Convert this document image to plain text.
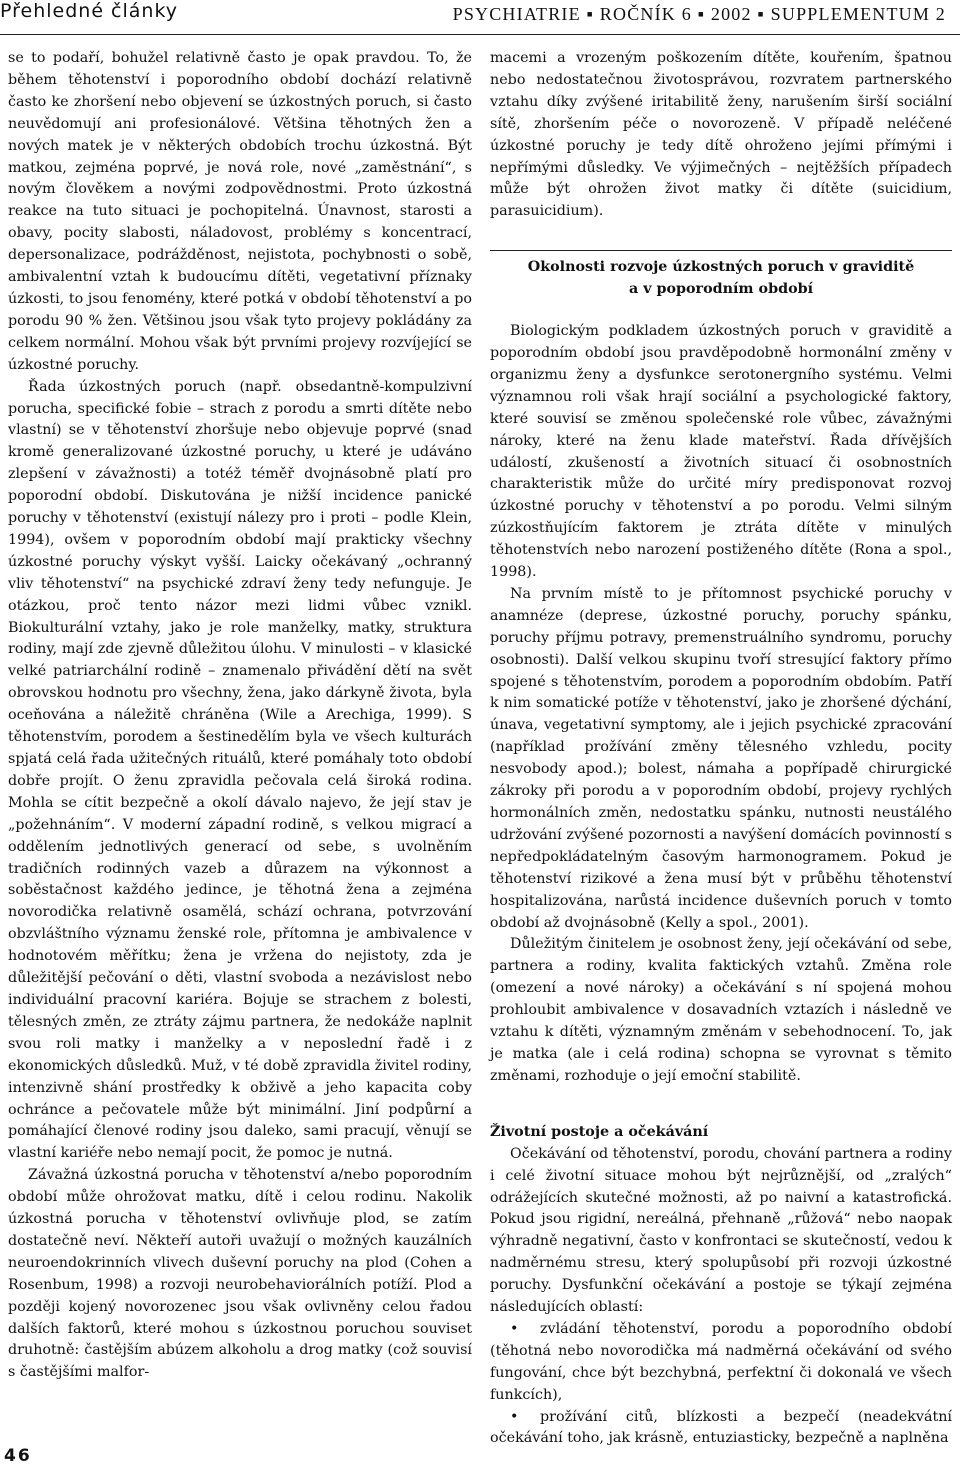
Přehledné články	PSYCHIATRIE ▪ ROČNÍK 6 ▪ 2002 ▪ SUPPLEMENTUM 2

se to podaří, bohužel relativně často je opak pravdou. To, že během těhotenství i poporodního období dochází relativně často ke zhoršení nebo objevení se úzkostných poruch, si často neuvědomují ani profesionálové. Většina těhotných žen a nových matek je v některých obdobích trochu úzkostná. Být matkou, zejména poprvé, je nová role, nové „zaměstnání“, s novým člověkem a novými zodpovědnostmi. Proto úzkostná reakce na tuto situaci je pochopitelná. Únavnost, starosti a obavy, pocity slabosti, náladovost, problémy s koncentrací, depersonalizace, podrážděnost, nejistota, pochybnosti o sobě, ambivalentní vztah k budoucímu dítěti, vegetativní příznaky úzkosti, to jsou fenomény, které potká v období těhotenství a po porodu 90 % žen. Většinou jsou však tyto projevy pokládány za celkem normální. Mohou však být prvními projevy rozvíjející se úzkostné poruchy.

Řada úzkostných poruch (např. obsedantně-kompulzivní porucha, specifické fobie – strach z porodu a smrti dítěte nebo vlastní) se v těhotenství zhoršuje nebo objevuje poprvé (snad kromě generalizované úzkostné poruchy, u které je udáváno zlepšení v závažnosti) a totéž téměř dvojnásobně platí pro poporodní období. Diskutována je nižší incidence panické poruchy v těhotenství (existují nálezy pro i proti – podle Klein, 1994), ovšem v poporodním období mají prakticky všechny úzkostné poruchy výskyt vyšší. Laicky očekávaný „ochranný vliv těhotenství“ na psychické zdraví ženy tedy nefunguje. Je otázkou, proč tento názor mezi lidmi vůbec vznikl. Biokulturální vztahy, jako je role manželky, matky, struktura rodiny, mají zde zjevně důležitou úlohu. V minulosti – v klasické velké patriarchální rodině – znamenalo přivádění dětí na svět obrovskou hodnotu pro všechny, ženа, jako dárkyně života, byla oceňována a náležitě chráněna (Wile a Arechiga, 1999). S těhotenstvím, porodem a šestinedělím byla ve všech kulturách spjatá celá řada užitečných rituálů, které pomáhaly toto období dobře projít. O ženu zpravidla pečovala celá široká rodina. Mohla se cítit bezpečně a okolí dávalo najevo, že její stav je „požehnáním“. V moderní západní rodině, s velkou migrací a oddělením jednotlivých generací od sebe, s uvolněním tradičních rodinných vazeb a důrazem na výkonnost a soběstačnost každého jedince, je těhotná žena a zejména novorodička relativně osamělá, schází ochrana, potvrzování obzvláštního významu ženské role, přítomna je ambivalence v hodnotovém měřítku; žena je vržena do nejistoty, zda je důležitější pečování o děti, vlastní svoboda a nezávislost nebo individuální pracovní kariéra. Bojuje se strachem z bolesti, tělesných změn, ze ztráty zájmu partnera, že nedokáže naplnit svou roli matky i manželky a v neposlední řadě i z ekonomických důsledků. Muž, v té době zpravidla živitel rodiny, intenzivně shání prostředky k obživě a jeho kapacita coby ochránce a pečovatele může být minimální. Jiní podpůrní a pomáhající členové rodiny jsou daleko, sami pracují, věnují se vlastní kariéře nebo nemají pocit, že pomoc je nutná.

Závažná úzkostná porucha v těhotenství a/nebo poporodním období může ohrožovat matku, dítě i celou rodinu. Nakolik úzkostná porucha v těhotenství ovlivňuje plod, se zatím dostatečně neví. Někteří autoři uvažují o možných kauzálních neuroendokrinních vlivech duševní poruchy na plod (Cohen a Rosenbum, 1998) a rozvoji neurobehaviorálních potíží. Plod a později kojený novorozenec jsou však ovlivněny celou řadou dalších faktorů, které mohou s úzkostnou poruchou souviset druhotně: častějším abúzem alkoholu a drog matky (což souvisí s častějšími malfor-

macemi a vrozeným poškozením dítěte, kouřením, špatnou nebo nedostatečnou životosprávou, rozvratem partnerského vztahu díky zvýšené iritabilitě ženy, narušením širší sociální sítě, zhoršením péče o novorozeně. V případě neléčené úzkostné poruchy je tedy dítě ohroženo jejími přímými i nepřímými důsledky. Ve výjimečných – nejtěžších případech může být ohrožen život matky či dítěte (suicidium, parasuicidium).

Okolnosti rozvoje úzkostných poruch v graviditě
a v poporodním období

Biologickým podkladem úzkostných poruch v graviditě a poporodním období jsou pravděpodobně hormonální změny v organizmu ženy a dysfunkce serotonergního systému. Velmi významnou roli však hrají sociální a psychologické faktory, které souvisí se změnou společenské role vůbec, závažnými nároky, které na ženu klade mateřství. Řada dřívějších událostí, zkušeností a životních situací či osobnostních charakteristik může do určité míry predisponovat rozvoj úzkostné poruchy v těhotenství a po porodu. Velmi silným zúzkostňujícím faktorem je ztráta dítěte v minulých těhotenstvích nebo narození postiženého dítěte (Rona a spol., 1998).

Na prvním místě to je přítomnost psychické poruchy v anamnéze (deprese, úzkostné poruchy, poruchy spánku, poruchy příjmu potravy, premenstruálního syndromu, poruchy osobnosti). Další velkou skupinu tvoří stresující faktory přímo spojené s těhotenstvím, porodem a poporodním obdobím. Patří k nim somatické potíže v těhotenství, jako je zhoršené dýchání, únava, vegetativní symptomy, ale i jejich psychické zpracování (například prožívání změny tělesného vzhledu, pocity nesvobody apod.); bolest, námaha a popřípadě chirurgické zákroky při porodu a v poporodním období, projevy rychlých hormonálních změn, nedostatku spánku, nutnosti neustálého udržování zvýšené pozornosti a navýšení domácích povinností s nepředpokládatelným časovým harmonogramem. Pokud je těhotenství rizikové a žena musí být v průběhu těhotenství hospitalizována, narůstá incidence duševních poruch v tomto období až dvojnásobně (Kelly a spol., 2001).

Důležitým činitelem je osobnost ženy, její očekávání od sebe, partnera a rodiny, kvalita faktických vztahů. Změna role (omezení a nové nároky) a očekávání s ní spojená mohou prohloubit ambivalence v dosavadních vztazích i následně ve vztahu k dítěti, významným změnám v sebehodnocení. To, jak je matka (ale i celá rodina) schopna se vyrovnat s těmito změnami, rozhoduje o její emoční stabilitě.

Životní postoje a očekávání

Očekávání od těhotenství, porodu, chování partnera a rodiny i celé životní situace mohou být nejrůznější, od „zralých“ odrážejících skutečné možnosti, až po naivní a katastrofická. Pokud jsou rigidní, nereálná, přehnaně „růžová“ nebo naopak výhradně negativní, často v konfrontaci se skutečností, vedou k nadměrnému stresu, který spolupůsobí při rozvoji úzkostné poruchy. Dysfunkční očekávání a postoje se týkají zejména následujících oblastí:

• zvládání těhotenství, porodu a poporodního období (těhotná nebo novorodička má nadměrná očekávání od svého fungování, chce být bezchybná, perfektní či dokonalá ve všech funkcích),
• prožívání citů, blízkosti a bezpečí (neadekvátní očekávání toho, jak krásně, entuziasticky, bezpečně a naplněna
46
